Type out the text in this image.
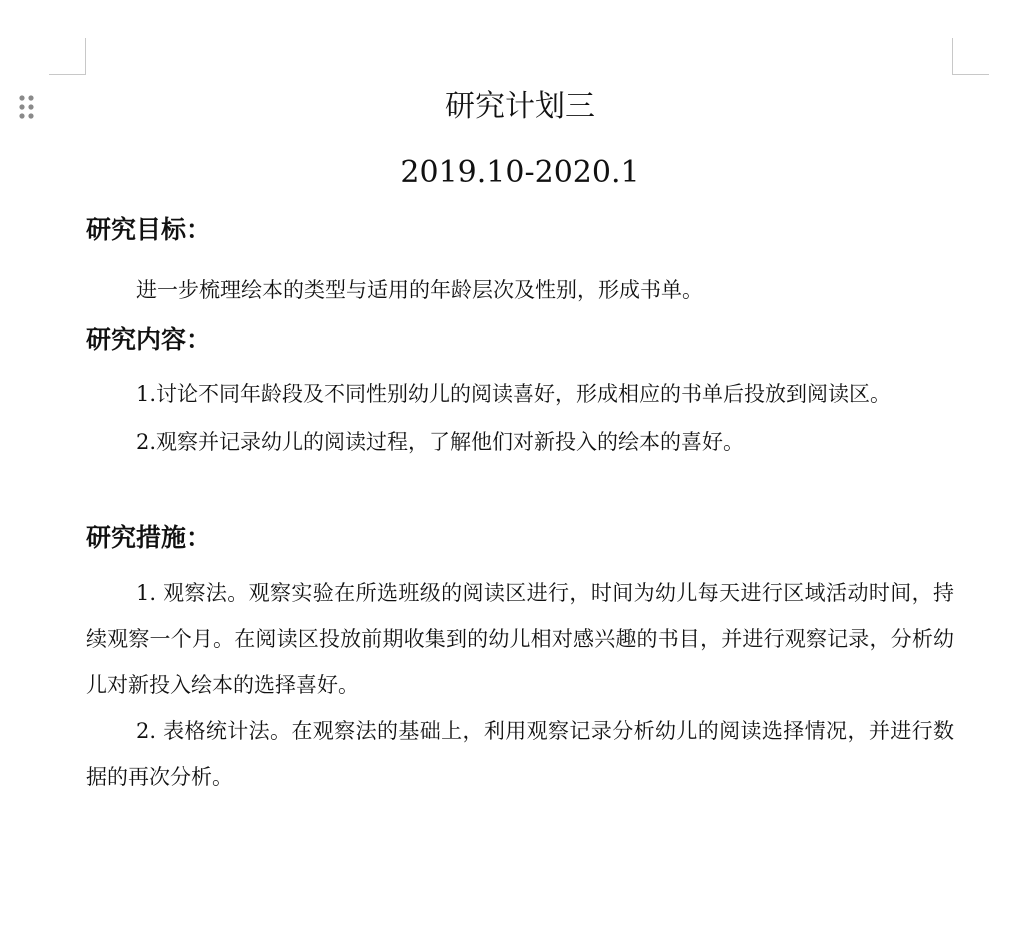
研究计划三
2019.10-2020.1
研究目标：

进一步梳理绘本的类型与适用的年龄层次及性别，形成书单。

研究内容：

1.讨论不同年龄段及不同性别幼儿的阅读喜好，形成相应的书单后投放到阅读区。

2.观察并记录幼儿的阅读过程，了解他们对新投入的绘本的喜好。

研究措施：

1. 观察法。观察实验在所选班级的阅读区进行，时间为幼儿每天进行区域活动时间，持续观察一个月。在阅读区投放前期收集到的幼儿相对感兴趣的书目，并进行观察记录，分析幼儿对新投入绘本的选择喜好。

2. 表格统计法。在观察法的基础上，利用观察记录分析幼儿的阅读选择情况，并进行数据的再次分析。
